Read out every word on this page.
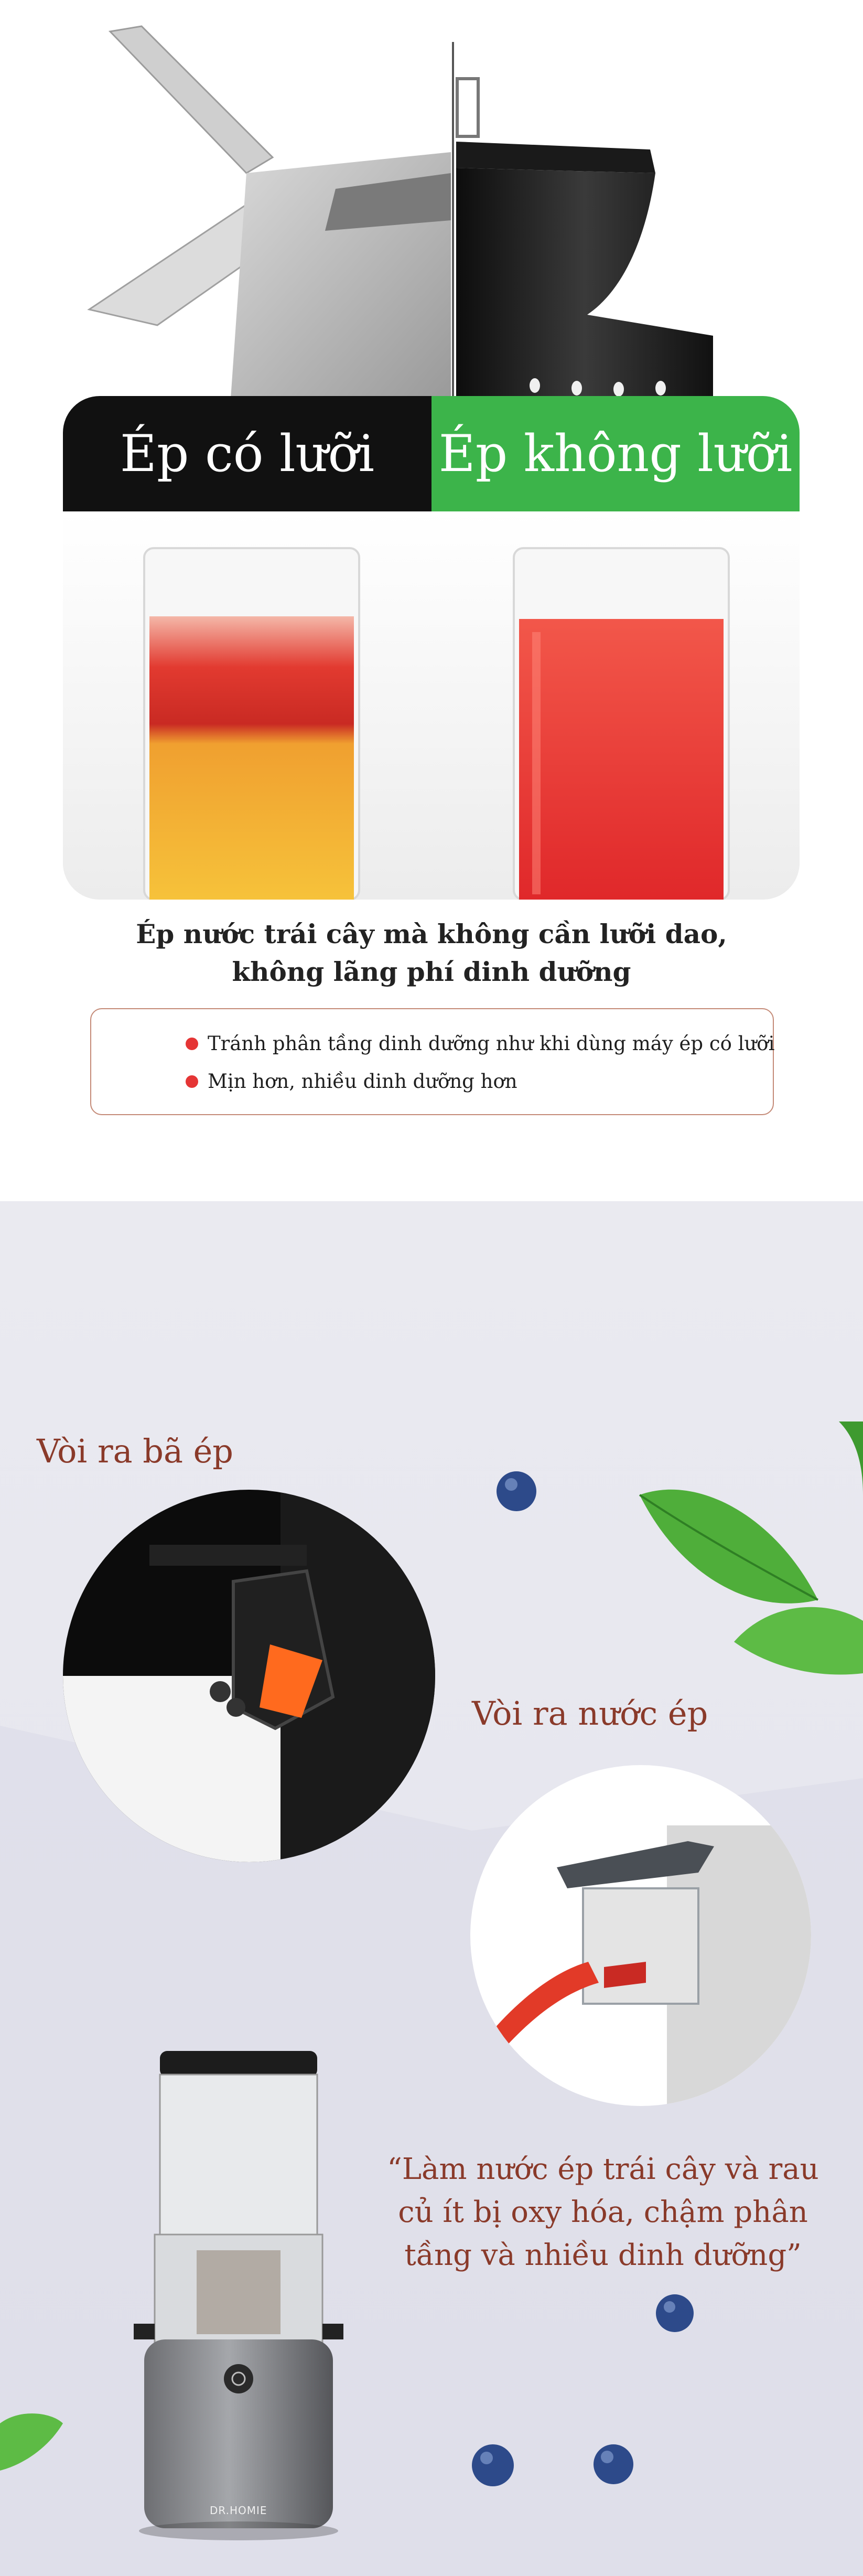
Ép có lưỡi	Ép không lưỡi
Ép nước trái cây mà không cần lưỡi dao,
không lãng phí dinh dưỡng
Tránh phân tầng dinh dưỡng như khi dùng máy ép có lưỡi
Mịn hơn, nhiều dinh dưỡng hơn
Vòi ra bã ép
Vòi ra nước ép
DR.HOMIE
“Làm nước ép trái cây và rau
củ ít bị oxy hóa, chậm phân
tầng và nhiều dinh dưỡng”
